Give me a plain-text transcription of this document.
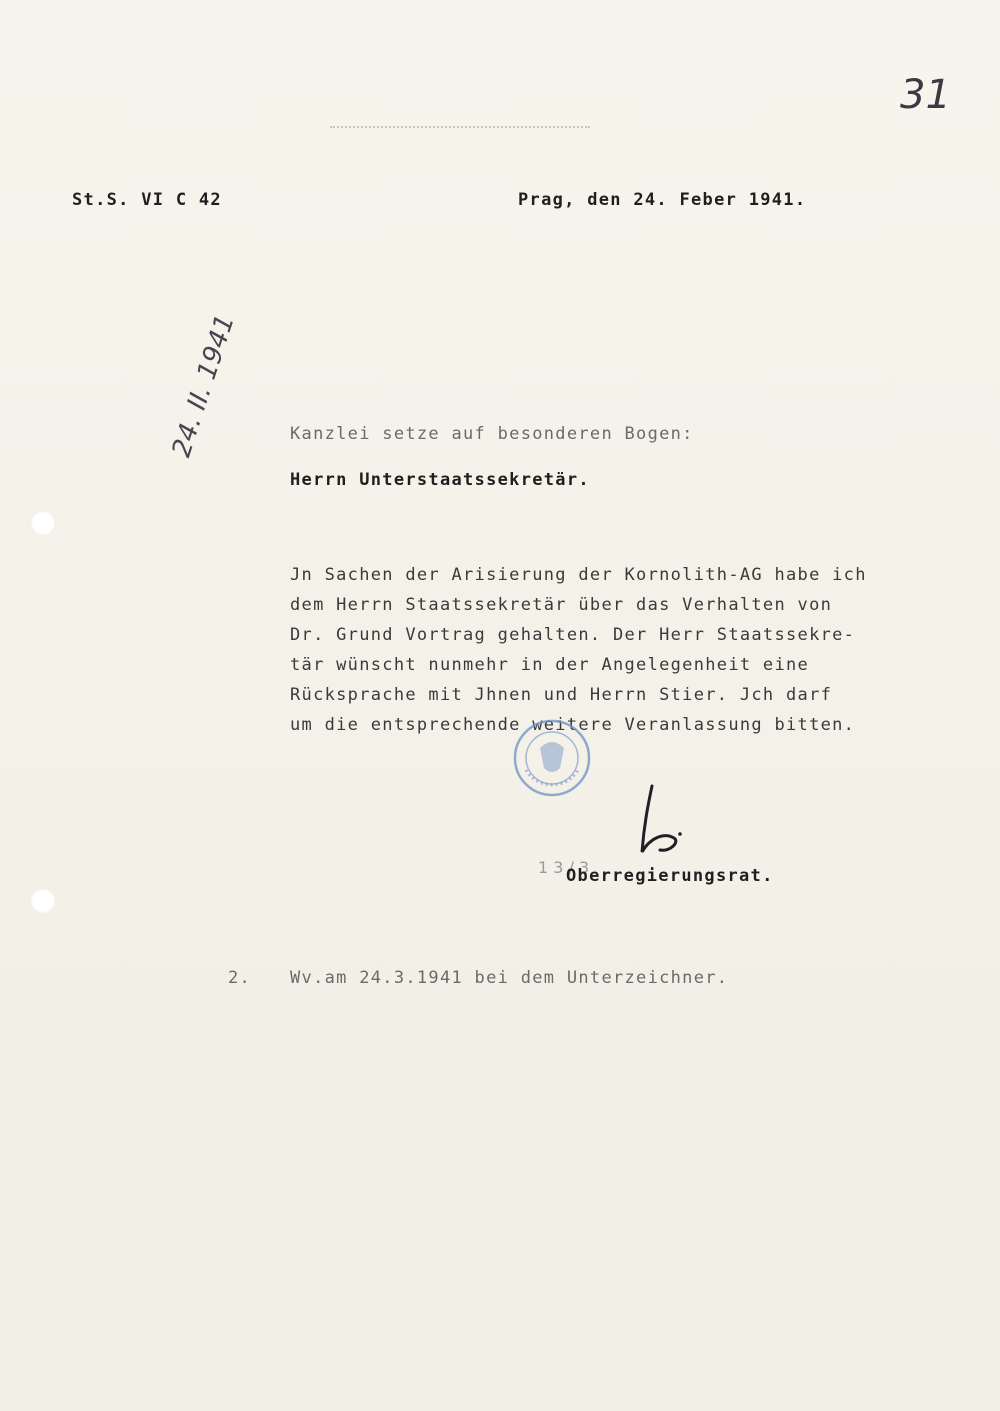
31
St.S. VI C 42	Prag, den 24. Feber 1941.
24. II. 1941	Kanzlei setze auf besonderen Bogen:
Herrn Unterstaatssekretär.
Jn Sachen der Arisierung der Kornolith-AG habe ich
dem Herrn Staatssekretär über das Verhalten von
Dr. Grund Vortrag gehalten. Der Herr Staatssekre-
tär wünscht nunmehr in der Angelegenheit eine
Rücksprache mit Jhnen und Herrn Stier. Jch darf
um die entsprechende weitere Veranlassung bitten.
1 3 / 3
Oberregierungsrat.
2. Wv.am 24.3.1941 bei dem Unterzeichner.
